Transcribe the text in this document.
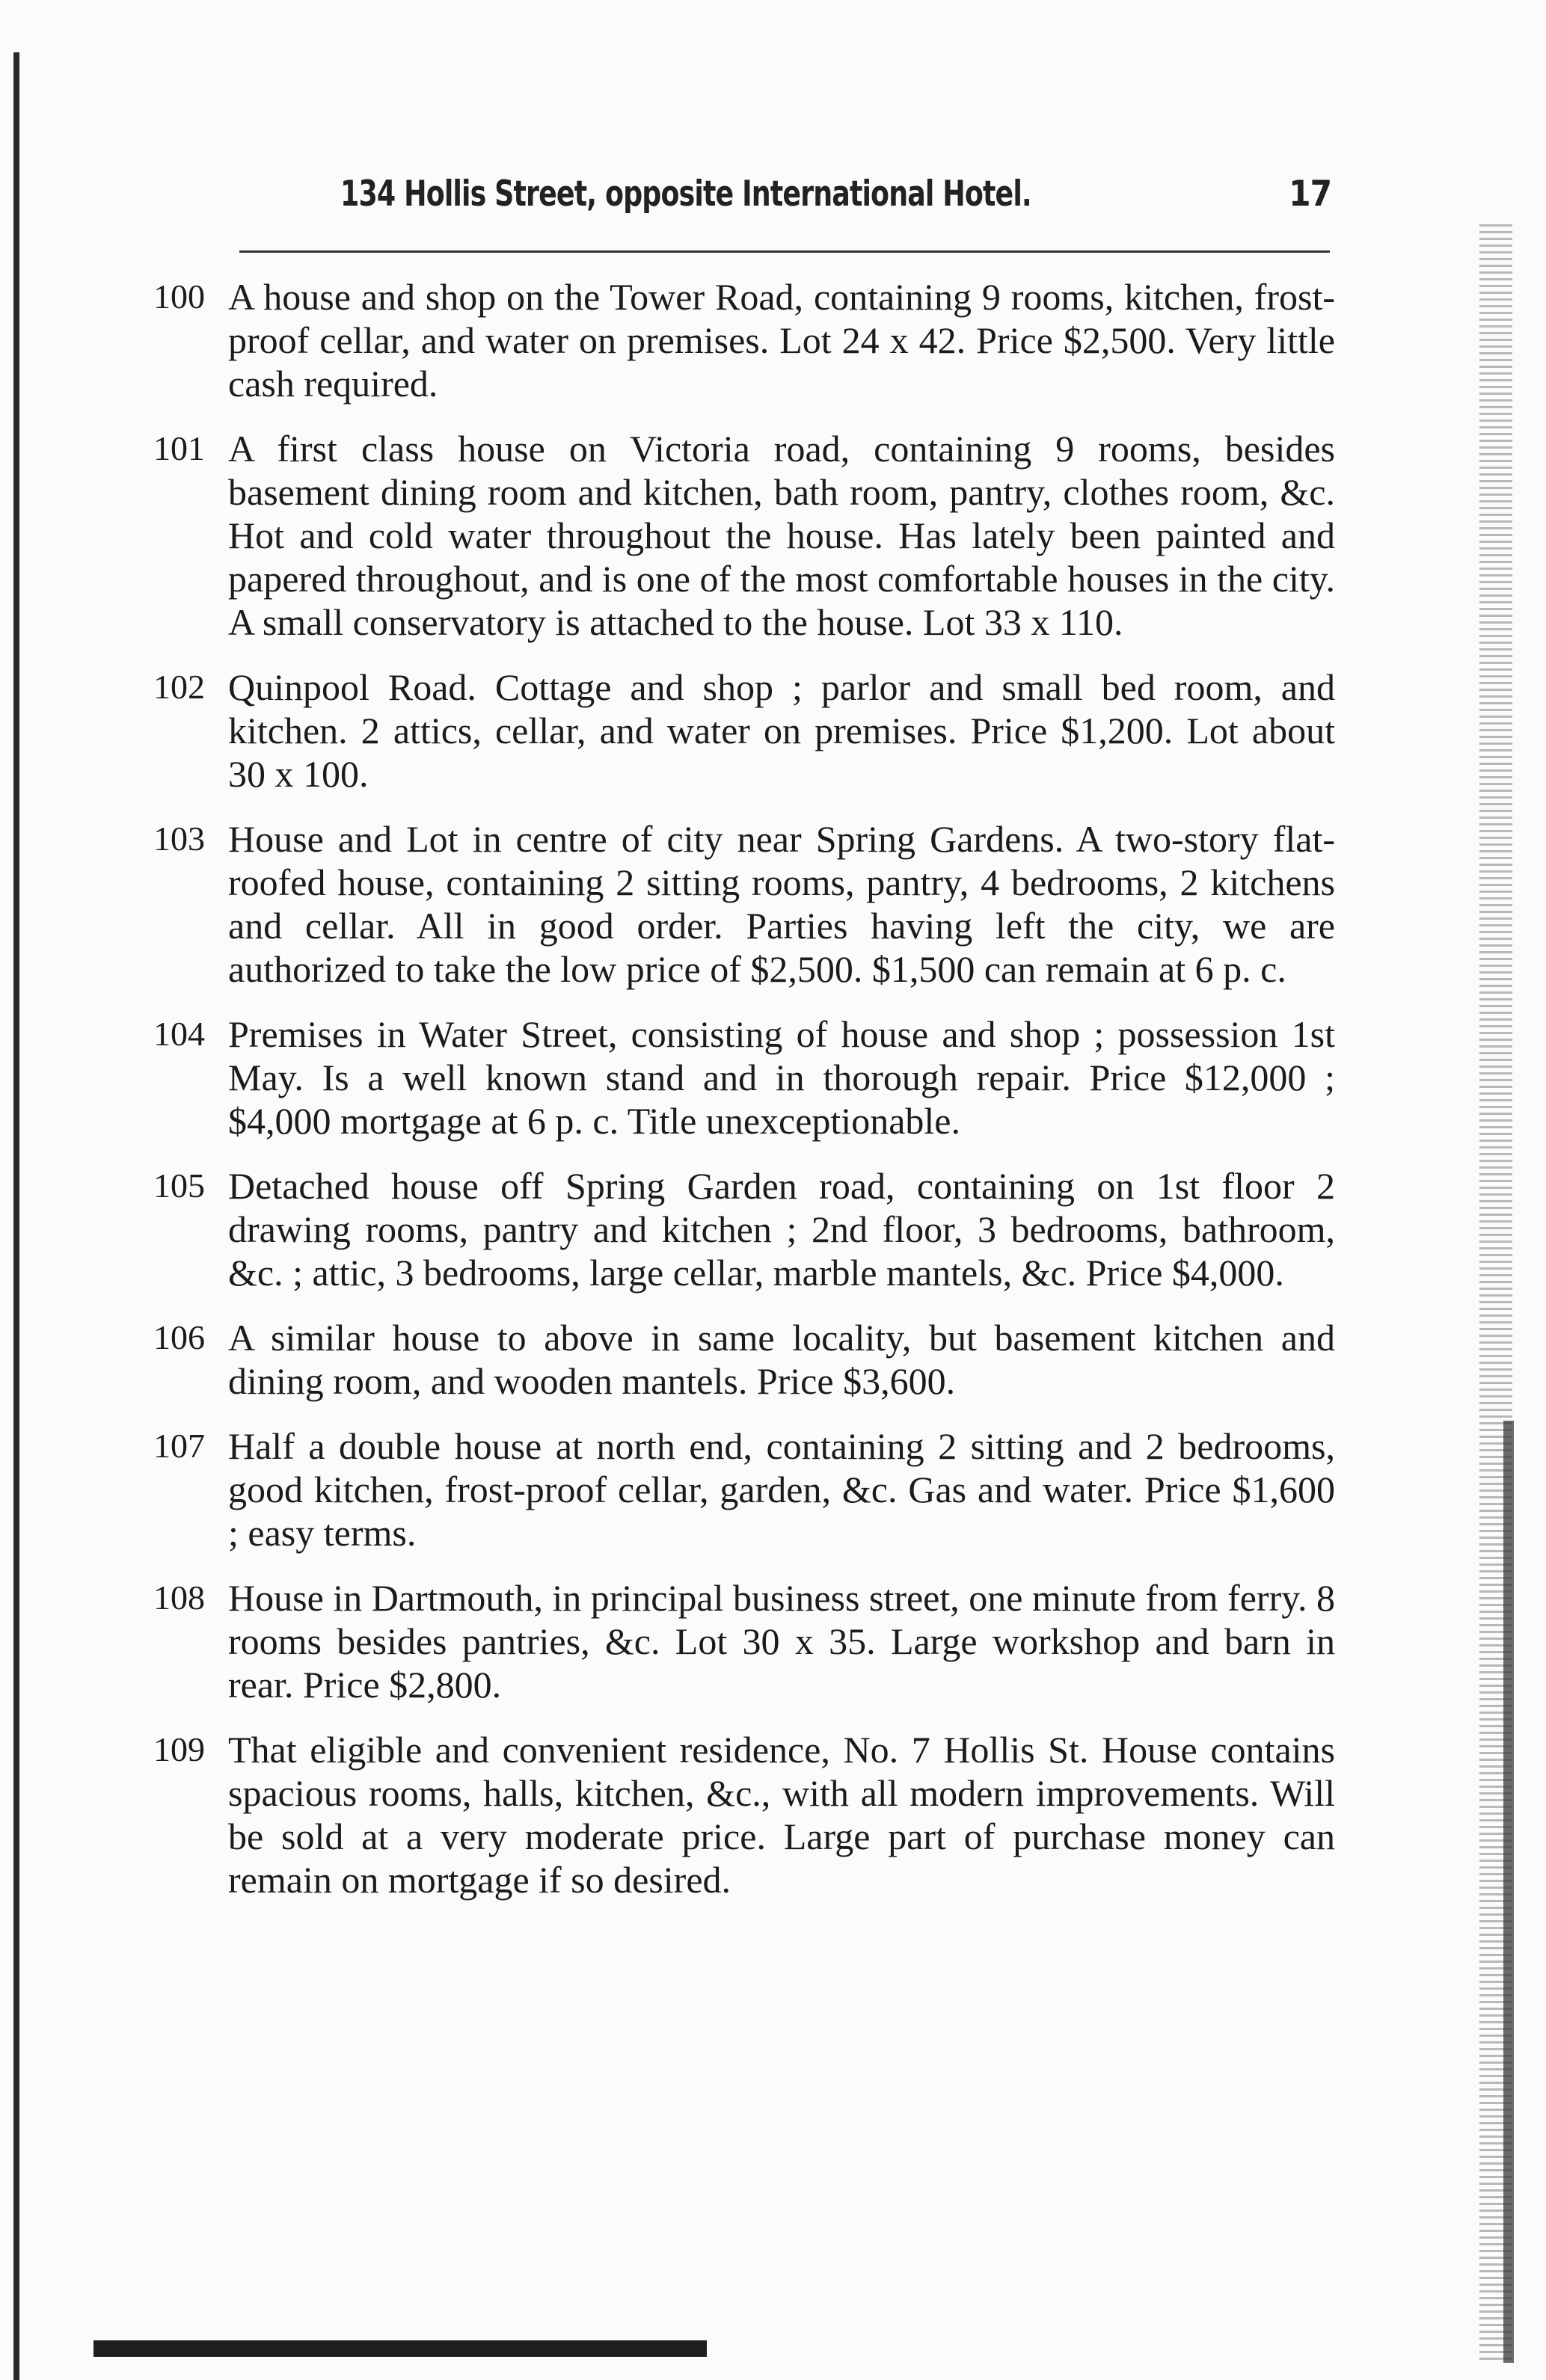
134 Hollis Street, opposite International Hotel.	17
100 A house and shop on the Tower Road, containing 9 rooms, kitchen, frost-proof cellar, and water on premises. Lot 24 x 42. Price $2,500. Very little cash required.
101 A first class house on Victoria road, containing 9 rooms, besides basement dining room and kitchen, bath room, pantry, clothes room, &c. Hot and cold water throughout the house. Has lately been painted and papered throughout, and is one of the most comfortable houses in the city. A small conservatory is attached to the house. Lot 33 x 110.
102 Quinpool Road. Cottage and shop ; parlor and small bed room, and kitchen. 2 attics, cellar, and water on premises. Price $1,200. Lot about 30 x 100.
103 House and Lot in centre of city near Spring Gardens. A two-story flat-roofed house, containing 2 sitting rooms, pantry, 4 bedrooms, 2 kitchens and cellar. All in good order. Parties having left the city, we are authorized to take the low price of $2,500. $1,500 can remain at 6 p. c.
104 Premises in Water Street, consisting of house and shop ; possession 1st May. Is a well known stand and in thorough repair. Price $12,000 ; $4,000 mortgage at 6 p. c. Title unexceptionable.
105 Detached house off Spring Garden road, containing on 1st floor 2 drawing rooms, pantry and kitchen ; 2nd floor, 3 bedrooms, bathroom, &c. ; attic, 3 bedrooms, large cellar, marble mantels, &c. Price $4,000.
106 A similar house to above in same locality, but basement kitchen and dining room, and wooden mantels. Price $3,600.
107 Half a double house at north end, containing 2 sitting and 2 bedrooms, good kitchen, frost-proof cellar, garden, &c. Gas and water. Price $1,600 ; easy terms.
108 House in Dartmouth, in principal business street, one minute from ferry. 8 rooms besides pantries, &c. Lot 30 x 35. Large workshop and barn in rear. Price $2,800.
109 That eligible and convenient residence, No. 7 Hollis St. House contains spacious rooms, halls, kitchen, &c., with all modern improvements. Will be sold at a very moderate price. Large part of purchase money can remain on mortgage if so desired.
